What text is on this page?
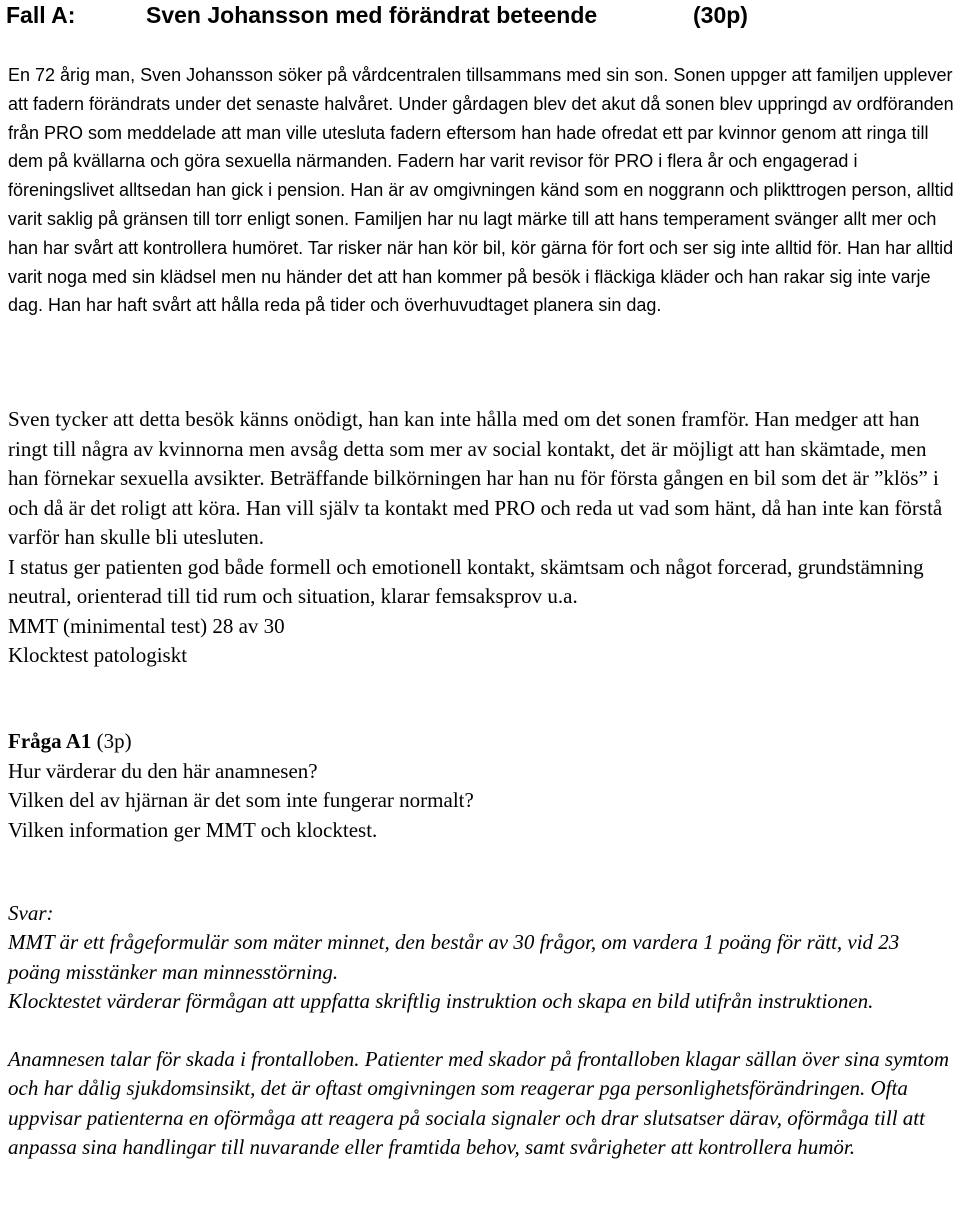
Fall A:	Sven Johansson med förändrat beteende	(30p)

En 72 årig man, Sven Johansson söker på vårdcentralen tillsammans med sin son. Sonen uppger att familjen upplever att fadern förändrats under det senaste halvåret. Under gårdagen blev det akut då sonen blev uppringd av ordföranden från PRO som meddelade att man ville utesluta fadern eftersom han hade ofredat ett par kvinnor genom att ringa till dem på kvällarna och göra sexuella närmanden. Fadern har varit revisor för PRO i flera år och engagerad i föreningslivet alltsedan han gick i pension. Han är av omgivningen känd som en noggrann och plikttrogen person, alltid varit saklig på gränsen till torr enligt sonen. Familjen har nu lagt märke till att hans temperament svänger allt mer och han har svårt att kontrollera humöret. Tar risker när han kör bil, kör gärna för fort och ser sig inte alltid för. Han har alltid varit noga med sin klädsel men nu händer det att han kommer på besök i fläckiga kläder och han rakar sig inte varje dag. Han har haft svårt att hålla reda på tider och överhuvudtaget planera sin dag.

Sven tycker att detta besök känns onödigt, han kan inte hålla med om det sonen framför. Han medger att han ringt till några av kvinnorna men avsåg detta som mer av social kontakt, det är möjligt att han skämtade, men han förnekar sexuella avsikter. Beträffande bilkörningen har han nu för första gången en bil som det är ”klös” i och då är det roligt att köra. Han vill själv ta kontakt med PRO och reda ut vad som hänt, då han inte kan förstå varför han skulle bli utesluten.

I status ger patienten god både formell och emotionell kontakt, skämtsam och något forcerad, grundstämning neutral, orienterad till tid rum och situation, klarar femsaksprov u.a.

MMT (minimental test) 28 av 30

Klocktest patologiskt

Fråga A1 (3p)

Hur värderar du den här anamnesen?

Vilken del av hjärnan är det som inte fungerar normalt?

Vilken information ger MMT och klocktest.

Svar:

MMT är ett frågeformulär som mäter minnet, den består av 30 frågor, om vardera 1 poäng för rätt, vid 23 poäng misstänker man minnesstörning.

Klocktestet värderar förmågan att uppfatta skriftlig instruktion och skapa en bild utifrån instruktionen.

Anamnesen talar för skada i frontalloben. Patienter med skador på frontalloben klagar sällan över sina symtom och har dålig sjukdomsinsikt, det är oftast omgivningen som reagerar pga personlighetsförändringen. Ofta uppvisar patienterna en oförmåga att reagera på sociala signaler och drar slutsatser därav, oförmåga till att anpassa sina handlingar till nuvarande eller framtida behov, samt svårigheter att kontrollera humör.
